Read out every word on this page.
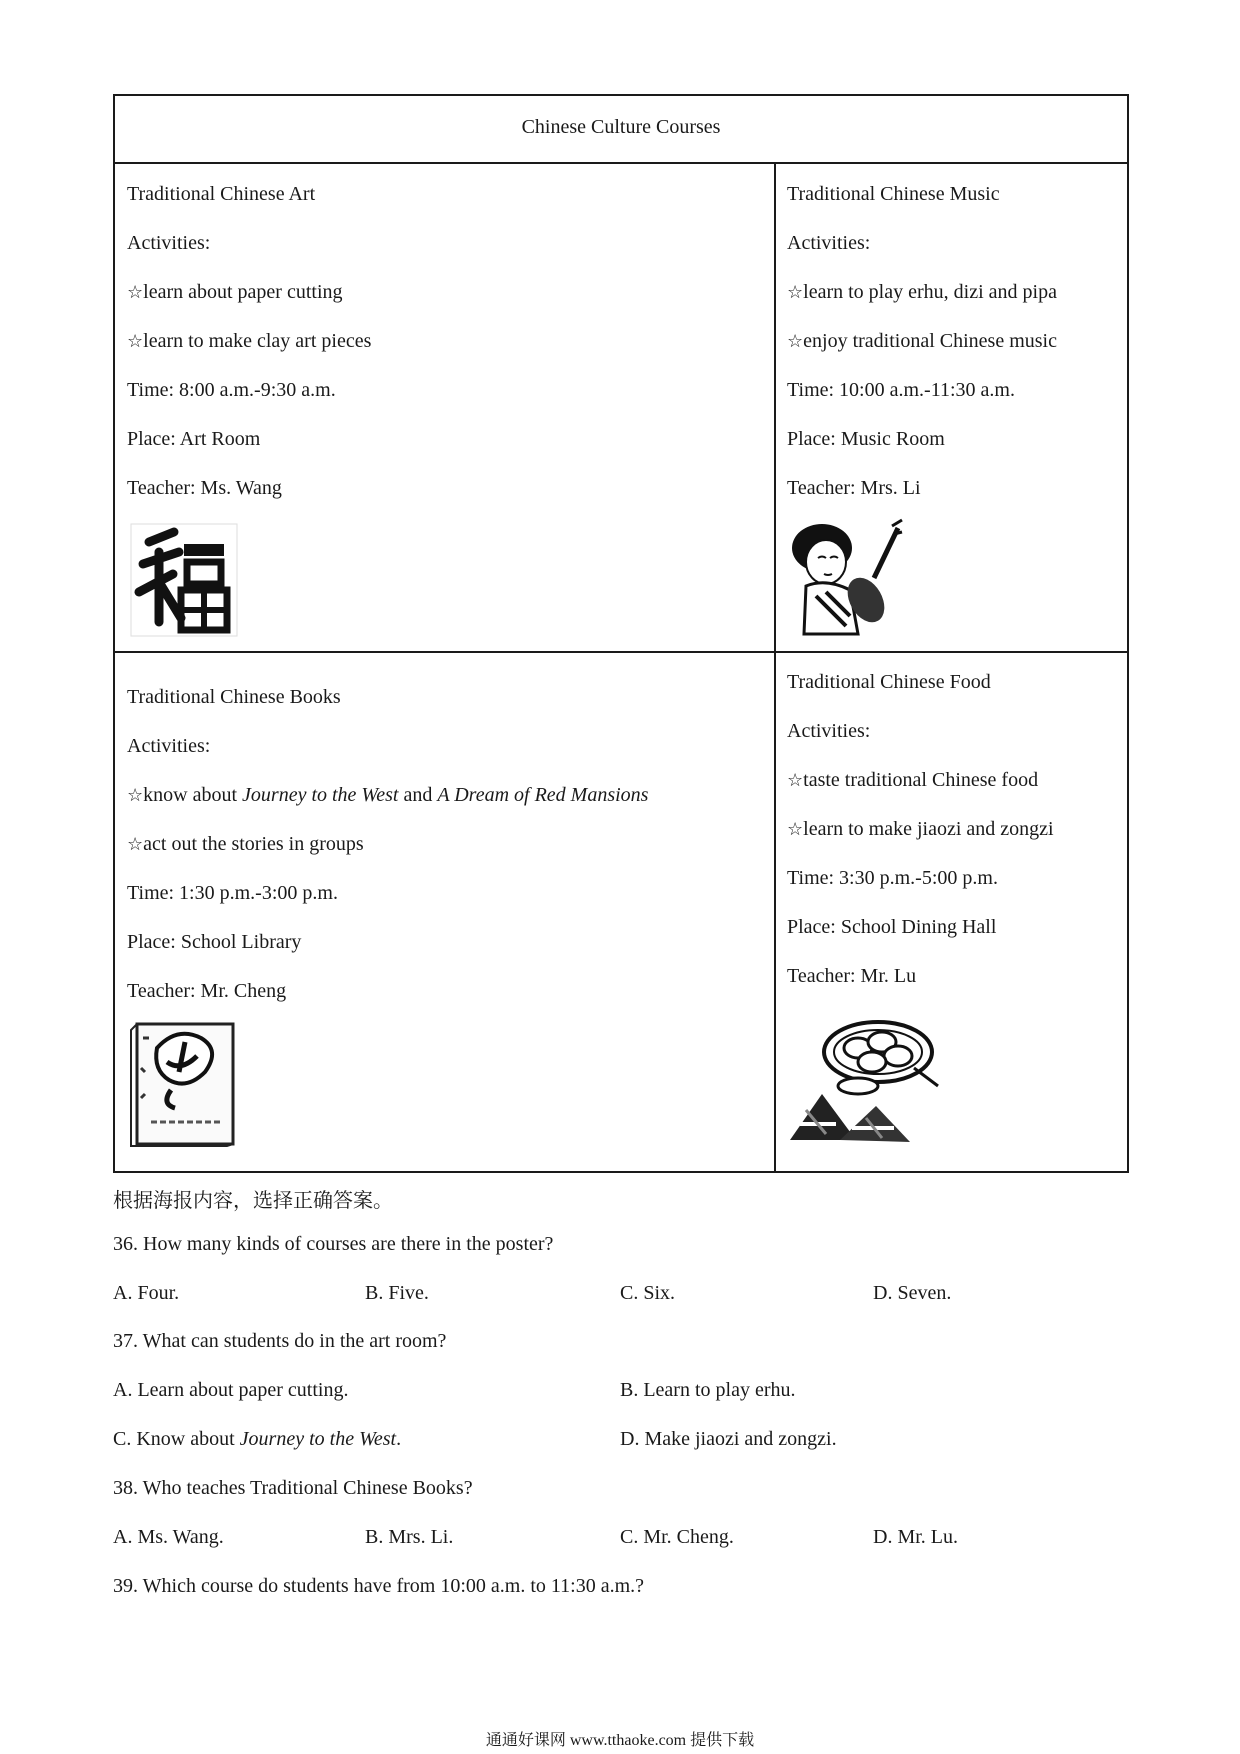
Chinese Culture Courses
Traditional Chinese Art
Activities:
☆ learn about paper cutting
☆ learn to make clay art pieces
Time: 8:00 a.m.-9:30 a.m.
Place: Art Room
Teacher: Ms. Wang
Traditional Chinese Music
Activities:
☆ learn to play erhu, dizi and pipa
☆ enjoy traditional Chinese music
Time: 10:00 a.m.-11:30 a.m.
Place: Music Room
Teacher: Mrs. Li
Traditional Chinese Books
Activities:
☆ know about Journey to the West and A Dream of Red Mansions
☆ act out the stories in groups
Time: 1:30 p.m.-3:00 p.m.
Place: School Library
Teacher: Mr. Cheng
Traditional Chinese Food
Activities:
☆ taste traditional Chinese food
☆ learn to make jiaozi and zongzi
Time: 3:30 p.m.-5:00 p.m.
Place: School Dining Hall
Teacher: Mr. Lu
根据海报内容，选择正确答案。
36. How many kinds of courses are there in the poster?
A. Four.	B. Five.	C. Six.	D. Seven.
37. What can students do in the art room?
A. Learn about paper cutting.	B. Learn to play erhu.
C. Know about Journey to the West.	D. Make jiaozi and zongzi.
38. Who teaches Traditional Chinese Books?
A. Ms. Wang.	B. Mrs. Li.	C. Mr. Cheng.	D. Mr. Lu.
39. Which course do students have from 10:00 a.m. to 11:30 a.m.?
通通好课网 www.tthaoke.com 提供下载
